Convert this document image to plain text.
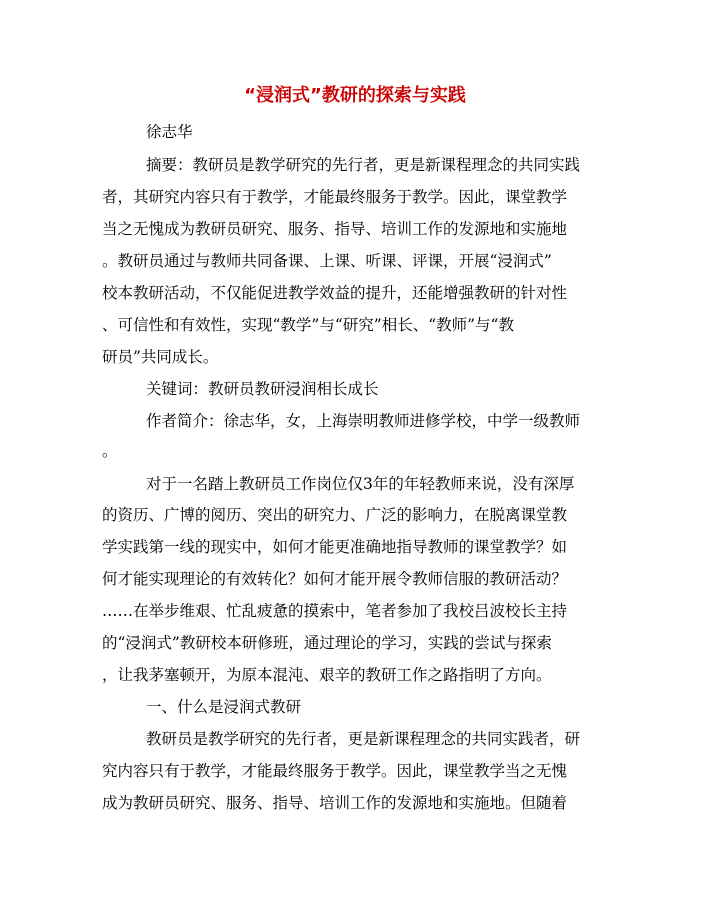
“浸润式”教研的探索与实践
徐志华
摘要：教研员是教学研究的先行者，更是新课程理念的共同实践
者，其研究内容只有于教学，才能最终服务于教学。因此，课堂教学
当之无愧成为教研员研究、服务、指导、培训工作的发源地和实施地
。教研员通过与教师共同备课、上课、听课、评课，开展“浸润式”
校本教研活动，不仅能促进教学效益的提升，还能增强教研的针对性
、可信性和有效性，实现“教学”与“研究”相长、“教师”与“教
研员”共同成长。
关键词：教研员教研浸润相长成长
作者简介：徐志华，女，上海崇明教师进修学校，中学一级教师
。
对于一名踏上教研员工作岗位仅3年的年轻教师来说，没有深厚
的资历、广博的阅历、突出的研究力、广泛的影响力，在脱离课堂教
学实践第一线的现实中，如何才能更准确地指导教师的课堂教学？如
何才能实现理论的有效转化？如何才能开展令教师信服的教研活动？
……在举步维艰、忙乱疲惫的摸索中，笔者参加了我校吕波校长主持
的“浸润式”教研校本研修班，通过理论的学习，实践的尝试与探索
，让我茅塞顿开，为原本混沌、艰辛的教研工作之路指明了方向。
一、什么是浸润式教研
教研员是教学研究的先行者，更是新课程理念的共同实践者，研
究内容只有于教学，才能最终服务于教学。因此，课堂教学当之无愧
成为教研员研究、服务、指导、培训工作的发源地和实施地。但随着
